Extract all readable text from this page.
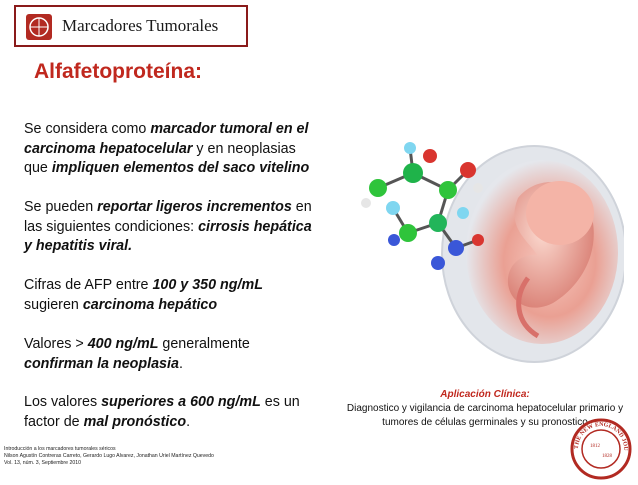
Marcadores Tumorales
Alfafetoproteína:

Se considera como marcador tumoral en el carcinoma hepatocelular y en neoplasias que impliquen elementos del saco vitelino

Se pueden reportar ligeros incrementos en las siguientes condiciones: cirrosis hepática y hepatitis viral.

Cifras de AFP entre 100 y 350 ng/mL sugieren carcinoma hepático

Valores > 400 ng/mL generalmente confirman la neoplasia.

Los valores superiores a 600 ng/mL es un factor de mal pronóstico.

Aplicación Clínica:
Diagnostico y vigilancia de carcinoma hepatocelular primario y
tumores de células germinales y su pronostico
Introducción a los marcadores tumorales séricos
Nilson Agustín Contreras Carreto, Gerardo Lugo Alvarez, Jonathan Uriel Martínez Quevedo
Vol. 13, núm. 3, Septiembre 2010
THE NEW ENGLAND JOU
1812
1828
